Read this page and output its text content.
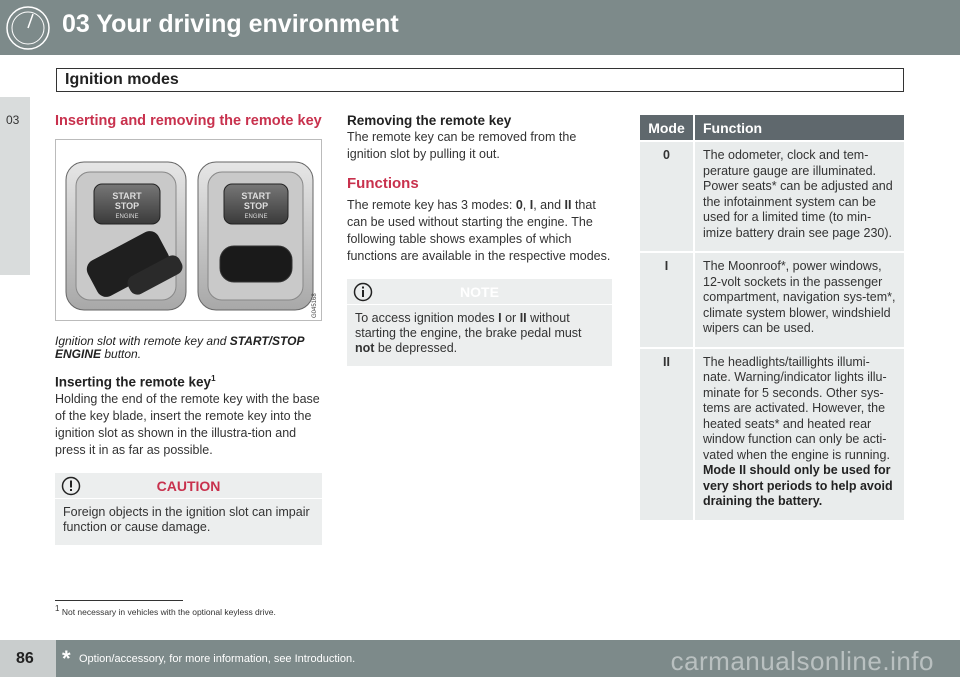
03 Your driving environment
Ignition modes
03 Inserting and removing the remote key
START
STOP
ENGINE
START
STOP
ENGINE
G045168

Ignition slot with remote key and START/STOP ENGINE button.

Inserting the remote key$^1$

Holding the end of the remote key with the base of the key blade, insert the remote key into the ignition slot as shown in the illustra-tion and press it in as far as possible.

CAUTION
Foreign objects in the ignition slot can impair function or cause damage.
Removing the remote key

The remote key can be removed from the ignition slot by pulling it out.

Functions

The remote key has 3 modes: 0, I, and II that can be used without starting the engine. The following table shows examples of which functions are available in the respective modes.

NOTE
To access ignition modes I or II without starting the engine, the brake pedal must not be depressed.
Mode	Function
0	The odometer, clock and tem-perature gauge are illuminated. Power seats* can be adjusted and the infotainment system can be used for a limited time (to min-imize battery drain see page 230).
I	The Moonroof*, power windows, 12-volt sockets in the passenger compartment, navigation sys-tem*, climate system blower, windshield wipers can be used.
II	The headlights/taillights illumi-nate. Warning/indicator lights illu-minate for 5 seconds. Other sys-tems are activated. However, the heated seats* and heated rear window function can only be acti-vated when the engine is running. Mode II should only be used for very short periods to help avoid draining the battery.
$^1$ Not necessary in vehicles with the optional keyless drive.
86 * Option/accessory, for more information, see Introduction.	carmanualsonline.info
